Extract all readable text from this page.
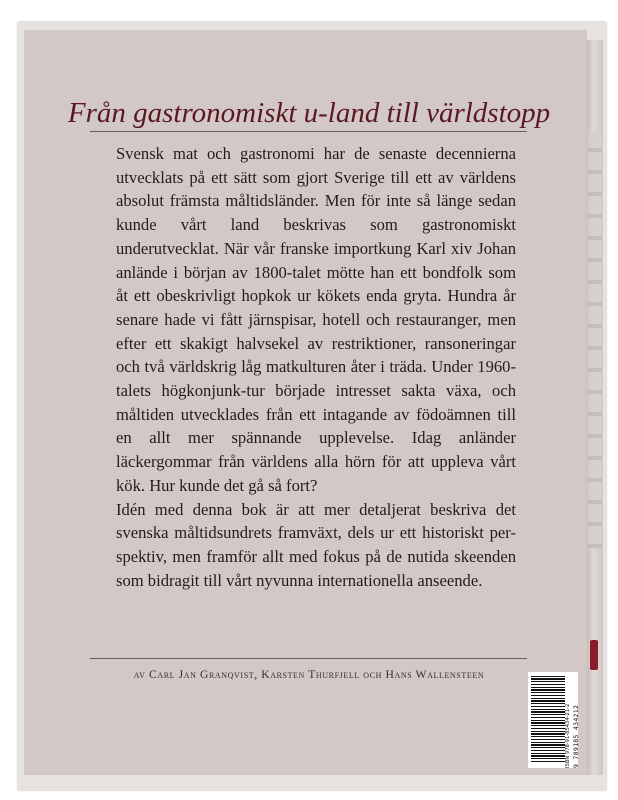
Från gastronomiskt u-land till världstopp

Svensk mat och gastronomi har de senaste decennierna utvecklats på ett sätt som gjort Sverige till ett av världens absolut främsta måltidsländer. Men för inte så länge sedan kunde vårt land beskrivas som gastronomiskt underutvecklat. När vår franske importkung Karl xiv Johan anlände i början av 1800-talet mötte han ett bondfolk som åt ett obeskrivligt hopkok ur kökets enda gryta. Hundra år senare hade vi fått järnspisar, hotell och restauranger, men efter ett skakigt halvsekel av restriktioner, ransoneringar och två världskrig låg matkulturen åter i träda. Under 1960-talets högkonjunk-tur började intresset sakta växa, och måltiden utvecklades från ett intagande av födoämnen till en allt mer spännande upplevelse. Idag anländer läckergommar från världens alla hörn för att uppleva vårt kök. Hur kunde det gå så fort?

Idén med denna bok är att mer detaljerat beskriva det svenska måltidsundrets framväxt, dels ur ett historiskt per-spektiv, men framför allt med fokus på de nutida skeenden som bidragit till vårt nyvunna internationella anseende.

av Carl Jan Granqvist, Karsten Thurfjell och Hans Wallensteen
ISBN 978-91-85434-21-2 9 789185 434212
